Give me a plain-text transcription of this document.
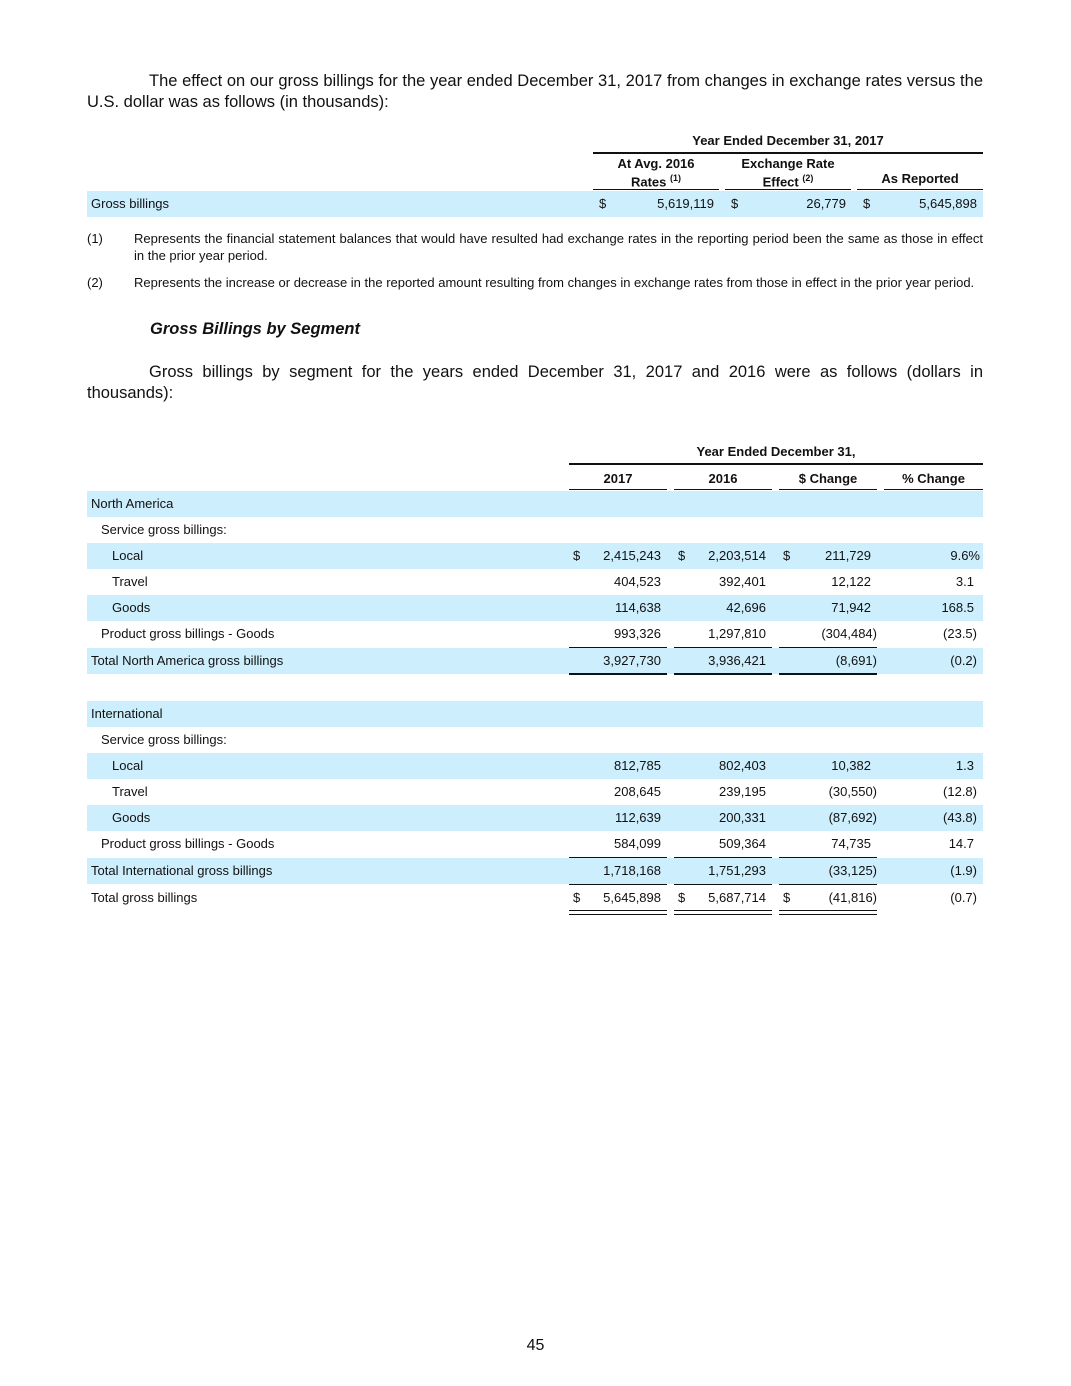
The effect on our gross billings for the year ended December 31, 2017 from changes in exchange rates versus the U.S. dollar was as follows (in thousands):
Year Ended December 31, 2017
At Avg. 2016
Rates $^{(1)}$
Exchange Rate
Effect $^{(2)}$	As Reported
Gross billings	$	5,619,119 $	26,779 $	5,645,898
(1) Represents the financial statement balances that would have resulted had exchange rates in the reporting period been the same as those in effect in the prior year period.
(2) Represents the increase or decrease in the reported amount resulting from changes in exchange rates from those in effect in the prior year period.
Gross Billings by Segment
Gross billings by segment for the years ended December 31, 2017 and 2016 were as follows (dollars in thousands):
Year Ended December 31,
2017	2016	$ Change	% Change
North America
Service gross billings:
Local	$	2,415,243 $	2,203,514 $	211,729	9.6%
Travel	404,523	392,401	12,122	3.1
Goods	114,638	42,696	71,942	168.5
Product gross billings - Goods	993,326	1,297,810	(304,484)	(23.5)
Total North America gross billings	3,927,730	3,936,421	(8,691)	(0.2)
International
Service gross billings:
Local	812,785	802,403	10,382	1.3
Travel	208,645	239,195	(30,550)	(12.8)
Goods	112,639	200,331	(87,692)	(43.8)
Product gross billings - Goods	584,099	509,364	74,735	14.7
Total International gross billings	1,718,168	1,751,293	(33,125)	(1.9)
Total gross billings	$	5,645,898 $	5,687,714 $	(41,816)	(0.7)
45
